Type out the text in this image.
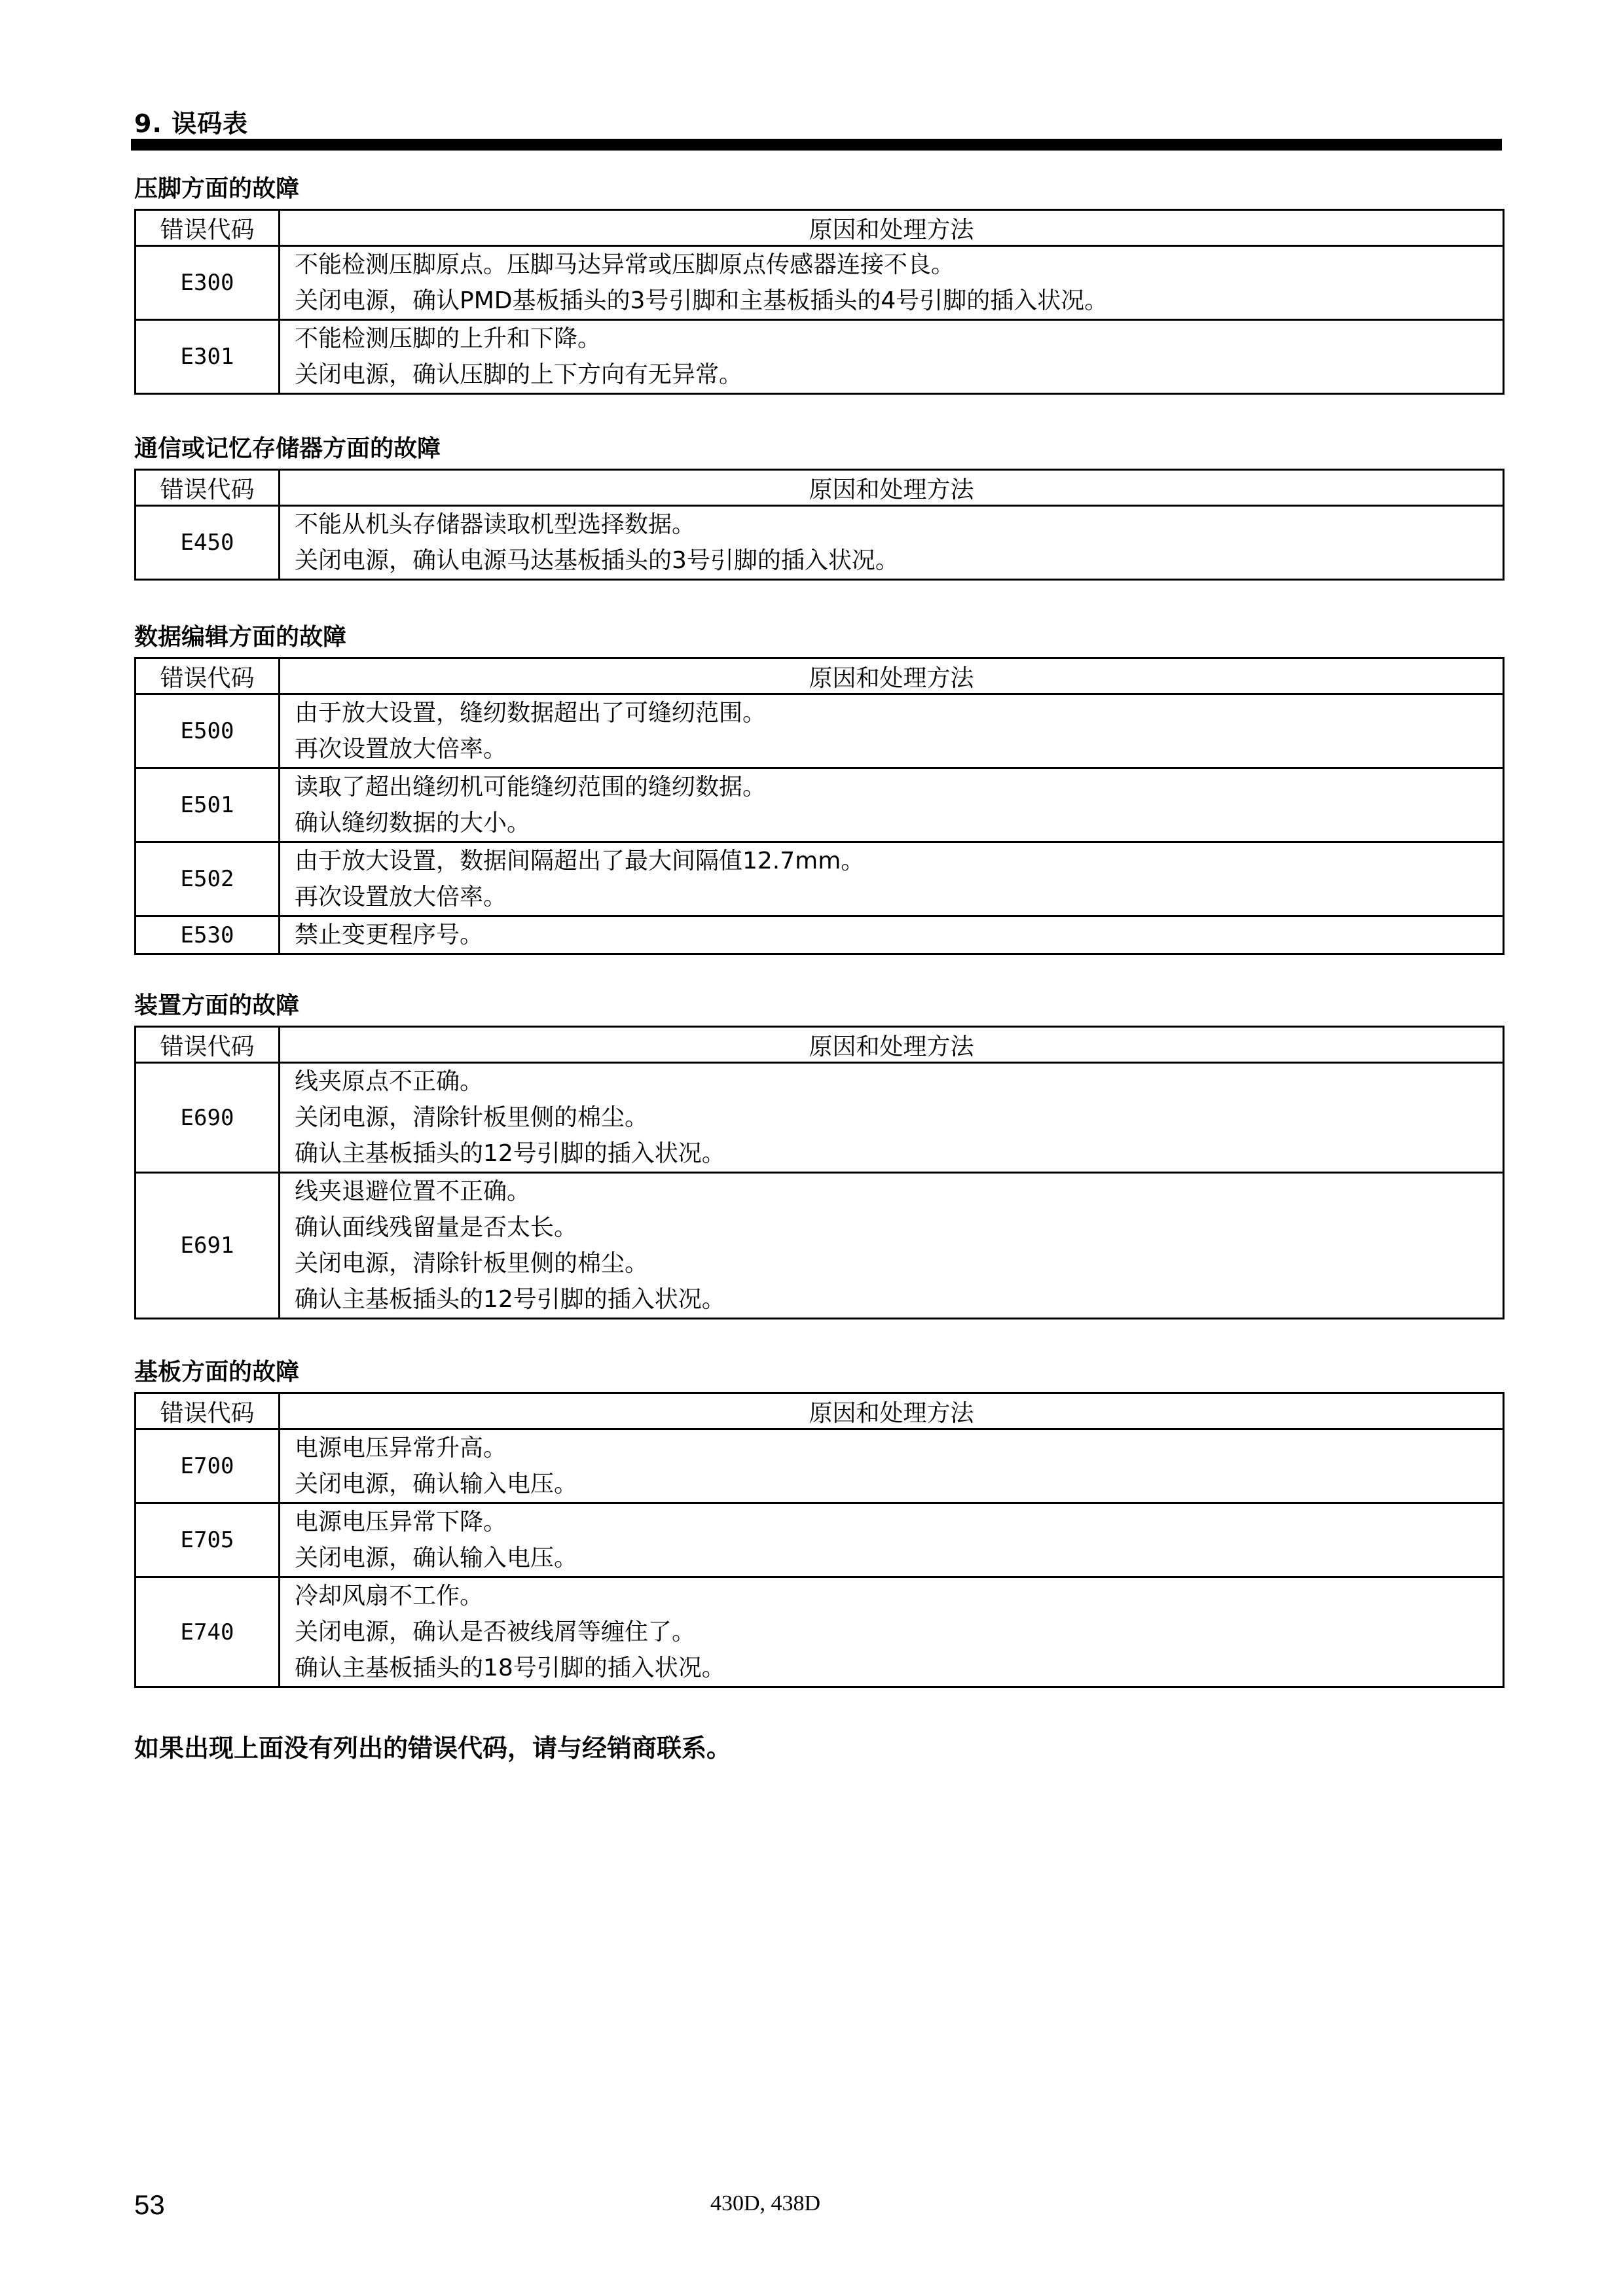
9. 误码表
压脚方面的故障
错误代码	原因和处理方法
E300	不能检测压脚原点。压脚马达异常或压脚原点传感器连接不良。
关闭电源，确认PMD基板插头的3号引脚和主基板插头的4号引脚的插入状况。

E301	不能检测压脚的上升和下降。
关闭电源，确认压脚的上下方向有无异常。
通信或记忆存储器方面的故障
错误代码	原因和处理方法
E450	不能从机头存储器读取机型选择数据。
关闭电源，确认电源马达基板插头的3号引脚的插入状况。
数据编辑方面的故障
错误代码	原因和处理方法
E500	由于放大设置，缝纫数据超出了可缝纫范围。
再次设置放大倍率。

E501	读取了超出缝纫机可能缝纫范围的缝纫数据。
确认缝纫数据的大小。

E502	由于放大设置，数据间隔超出了最大间隔值12.7mm。
再次设置放大倍率。

E530	禁止变更程序号。
装置方面的故障
错误代码	原因和处理方法
E690	线夹原点不正确。
关闭电源，清除针板里侧的棉尘。
确认主基板插头的12号引脚的插入状况。

E691	线夹退避位置不正确。
确认面线残留量是否太长。
关闭电源，清除针板里侧的棉尘。
确认主基板插头的12号引脚的插入状况。
基板方面的故障
错误代码	原因和处理方法
E700	电源电压异常升高。
关闭电源，确认输入电压。

E705	电源电压异常下降。
关闭电源，确认输入电压。

E740	冷却风扇不工作。
关闭电源，确认是否被线屑等缠住了。
确认主基板插头的18号引脚的插入状况。
如果出现上面没有列出的错误代码，请与经销商联系。
53	430D, 438D
